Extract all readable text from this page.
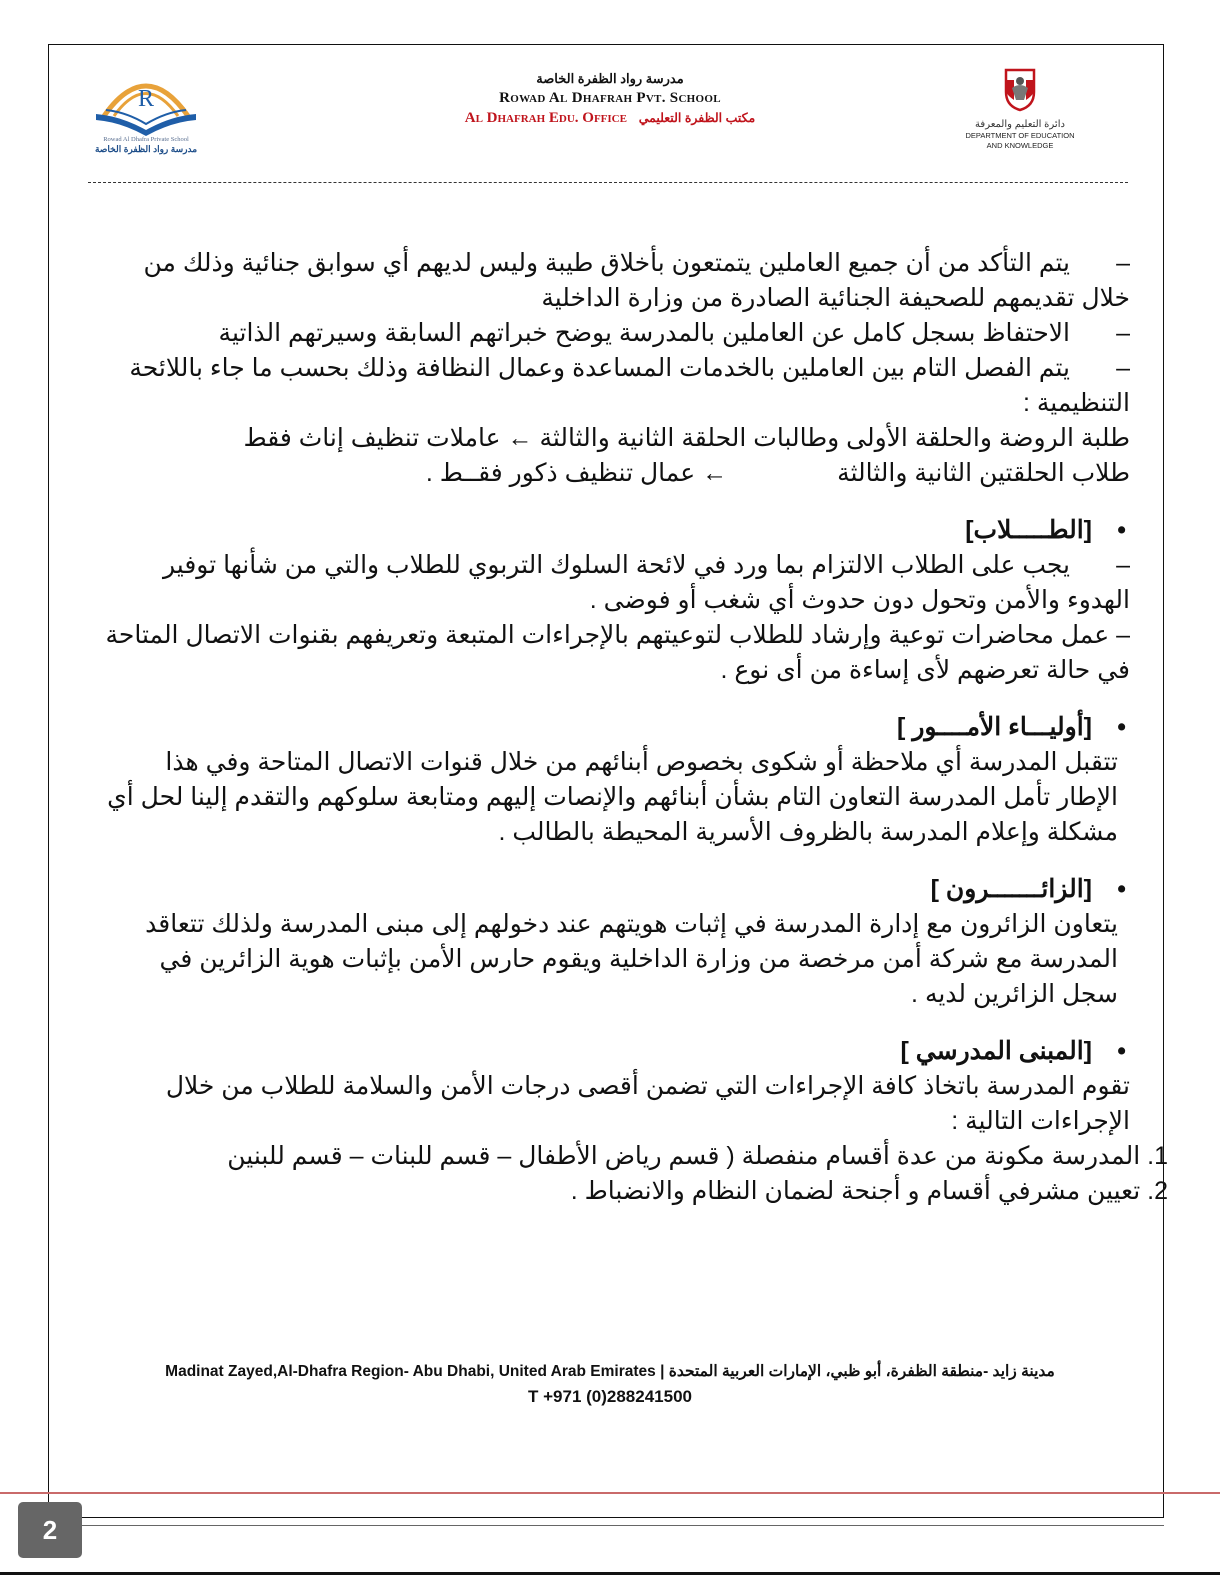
R
Rowad Al Dhafra Private School
مدرسة رواد الظفرة الخاصة
مدرسة رواد الظفرة الخاصة
Rowad Al Dhafrah Pvt. School
Al Dhafrah Edu. Office مكتب الظفرة التعليمي	دائرة التعليم والمعرفة
DEPARTMENT OF EDUCATION
AND KNOWLEDGE

–يتم التأكد من أن جميع العاملين يتمتعون بأخلاق طيبة وليس لديهم أي سوابق جنائية وذلك من خلال تقديمهم للصحيفة الجنائية الصادرة من وزارة الداخلية

–الاحتفاظ بسجل كامل عن العاملين بالمدرسة يوضح خبراتهم السابقة وسيرتهم الذاتية

–يتم الفصل التام بين العاملين بالخدمات المساعدة وعمال النظافة وذلك بحسب ما جاء باللائحة التنظيمية :

طلبة الروضة والحلقة الأولى وطالبات الحلقة الثانية والثالثة

←

عاملات تنظيف إناث فقط

طلاب الحلقتين الثانية والثالثة
←

عمال تنظيف ذكور فقــط .

•[الطـــــلاب]

–يجب على الطلاب الالتزام بما ورد في لائحة السلوك التربوي للطلاب والتي من شأنها توفير الهدوء والأمن وتحول دون حدوث أي شغب أو فوضى .

– عمل محاضرات توعية وإرشاد للطلاب لتوعيتهم بالإجراءات المتبعة وتعريفهم بقنوات الاتصال المتاحة في حالة تعرضهم لأى إساءة من أى نوع .

•[أوليـــاء الأمــــور ]

تتقبل المدرسة أي ملاحظة أو شكوى بخصوص أبنائهم من خلال قنوات الاتصال المتاحة وفي هذا الإطار تأمل المدرسة التعاون التام بشأن أبنائهم والإنصات إليهم ومتابعة سلوكهم والتقدم إلينا لحل أي مشكلة وإعلام المدرسة بالظروف الأسرية المحيطة بالطالب .

•[الزائـــــــرون ]

يتعاون الزائرون مع إدارة المدرسة في إثبات هويتهم عند دخولهم إلى مبنى المدرسة ولذلك تتعاقد المدرسة مع شركة أمن مرخصة من وزارة الداخلية ويقوم حارس الأمن بإثبات هوية الزائرين في سجل الزائرين لديه .

•[المبنى المدرسي ]

تقوم المدرسة باتخاذ كافة الإجراءات التي تضمن أقصى درجات الأمن والسلامة للطلاب من خلال الإجراءات التالية :

1. المدرسة مكونة من عدة أقسام منفصلة ( قسم رياض الأطفال – قسم للبنات – قسم للبنين

2. تعيين مشرفي أقسام و أجنحة لضمان النظام والانضباط .

Madinat Zayed,Al-Dhafra Region- Abu Dhabi, United Arab Emirates | مدينة زايد -منطقة الظفرة، أبو ظبي، الإمارات العربية المتحدة
T +971 (0)288241500
2
